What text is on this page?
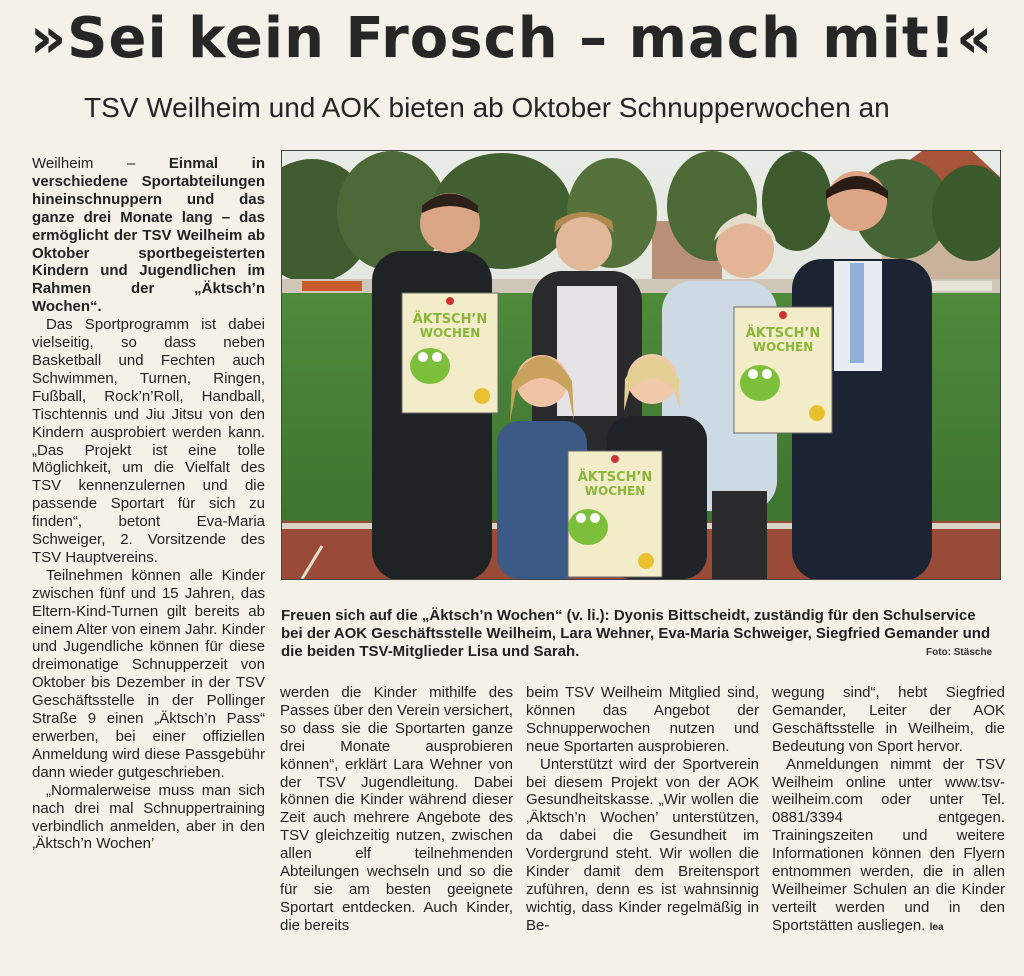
»Sei kein Frosch – mach mit!«
TSV Weilheim und AOK bieten ab Oktober Schnupperwochen an

Weilheim – Einmal in verschiedene Sportabteilungen hineinschnuppern und das ganze drei Monate lang – das ermöglicht der TSV Weilheim ab Oktober sportbegeisterten Kindern und Jugendlichen im Rahmen der „Äktsch’n Wochen“.

Das Sportprogramm ist dabei vielseitig, so dass neben Basketball und Fechten auch Schwimmen, Turnen, Ringen, Fußball, Rock’n’Roll, Handball, Tischtennis und Jiu Jitsu von den Kindern ausprobiert werden kann. „Das Projekt ist eine tolle Möglichkeit, um die Vielfalt des TSV kennenzulernen und die passende Sportart für sich zu finden“, betont Eva-Maria Schweiger, 2. Vorsitzende des TSV Hauptvereins.

Teilnehmen können alle Kinder zwischen fünf und 15 Jahren, das Eltern-Kind-Turnen gilt bereits ab einem Alter von einem Jahr. Kinder und Jugendliche können für diese dreimonatige Schnupperzeit von Oktober bis Dezember in der TSV Geschäftsstelle in der Pollinger Straße 9 einen „Äktsch’n Pass“ erwerben, bei einer offiziellen Anmeldung wird diese Passgebühr dann wieder gutgeschrieben.

„Normalerweise muss man sich nach drei mal Schnuppertraining verbindlich anmelden, aber in den ‚Äktsch’n Wochen’

ÄKTSCH’N
WOCHEN	ÄKTSCH’N
WOCHEN
ÄKTSCH’N
WOCHEN
Freuen sich auf die „Äktsch’n Wochen“ (v. li.): Dyonis Bittscheidt, zuständig für den Schulservice bei der AOK Geschäftsstelle Weilheim, Lara Wehner, Eva-Maria Schweiger, Siegfried Gemander und die beiden TSV-Mitglieder Lisa und Sarah.	Foto: Stäsche

werden die Kinder mithilfe des Passes über den Verein versichert, so dass sie die Sportarten ganze drei Monate ausprobieren können“, erklärt Lara Wehner von der TSV Jugendleitung. Dabei können die Kinder während dieser Zeit auch mehrere Angebote des TSV gleichzeitig nutzen, zwischen allen elf teilnehmenden Abteilungen wechseln und so die für sie am besten geeignete Sportart entdecken. Auch Kinder, die bereits

beim TSV Weilheim Mitglied sind, können das Angebot der Schnupperwochen nutzen und neue Sportarten ausprobieren.

Unterstützt wird der Sportverein bei diesem Projekt von der AOK Gesundheitskasse. „Wir wollen die ‚Äktsch’n Wochen’ unterstützen, da dabei die Gesundheit im Vordergrund steht. Wir wollen die Kinder damit dem Breitensport zuführen, denn es ist wahnsinnig wichtig, dass Kinder regelmäßig in Be-

wegung sind“, hebt Siegfried Gemander, Leiter der AOK Geschäftsstelle in Weilheim, die Bedeutung von Sport hervor.

Anmeldungen nimmt der TSV Weilheim online unter www.tsv-weilheim.com oder unter Tel. 0881/3394 entgegen. Trainingszeiten und weitere Informationen können den Flyern entnommen werden, die in allen Weilheimer Schulen an die Kinder verteilt werden und in den Sportstätten ausliegen. lea
